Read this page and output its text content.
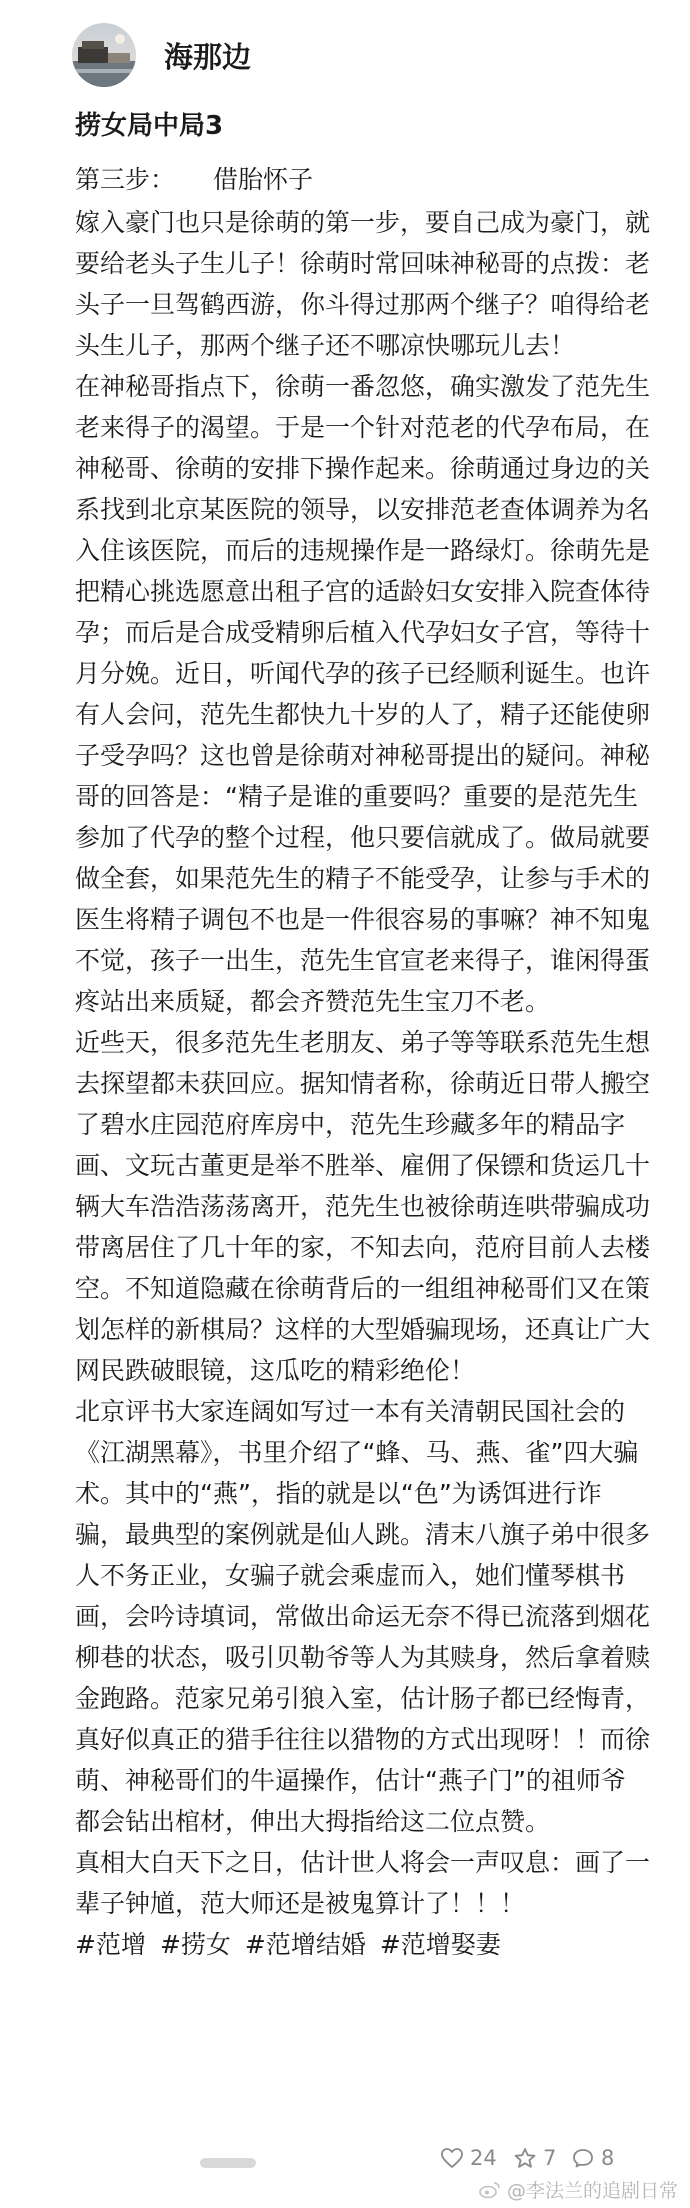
海那边
捞女局中局3

第三步： 借胎怀子

嫁入豪门也只是徐萌的第一步，要自己成为豪门，就要给老头子生儿子！徐萌时常回味神秘哥的点拨：老头子一旦驾鹤西游，你斗得过那两个继子？咱得给老头生儿子，那两个继子还不哪凉快哪玩儿去！

在神秘哥指点下，徐萌一番忽悠，确实激发了范先生老来得子的渴望。于是一个针对范老的代孕布局，在神秘哥、徐萌的安排下操作起来。徐萌通过身边的关系找到北京某医院的领导，以安排范老查体调养为名入住该医院，而后的违规操作是一路绿灯。徐萌先是把精心挑选愿意出租子宫的适龄妇女安排入院查体待孕；而后是合成受精卵后植入代孕妇女子宫，等待十月分娩。近日，听闻代孕的孩子已经顺利诞生。也许有人会问，范先生都快九十岁的人了，精子还能使卵子受孕吗？这也曾是徐萌对神秘哥提出的疑问。神秘哥的回答是：“精子是谁的重要吗？重要的是范先生参加了代孕的整个过程，他只要信就成了。做局就要做全套，如果范先生的精子不能受孕，让参与手术的医生将精子调包不也是一件很容易的事嘛？神不知鬼不觉，孩子一出生，范先生官宣老来得子，谁闲得蛋疼站出来质疑，都会齐赞范先生宝刀不老。

近些天，很多范先生老朋友、弟子等等联系范先生想去探望都未获回应。据知情者称，徐萌近日带人搬空了碧水庄园范府库房中，范先生珍藏多年的精品字画、文玩古董更是举不胜举、雇佣了保镖和货运几十辆大车浩浩荡荡离开，范先生也被徐萌连哄带骗成功带离居住了几十年的家，不知去向，范府目前人去楼空。不知道隐藏在徐萌背后的一组组神秘哥们又在策划怎样的新棋局？这样的大型婚骗现场，还真让广大网民跌破眼镜，这瓜吃的精彩绝伦！

北京评书大家连阔如写过一本有关清朝民国社会的《江湖黑幕》，书里介绍了“蜂、马、燕、雀”四大骗术。其中的“燕”，指的就是以“色”为诱饵进行诈骗，最典型的案例就是仙人跳。清末八旗子弟中很多人不务正业，女骗子就会乘虚而入，她们懂琴棋书画，会吟诗填词，常做出命运无奈不得已流落到烟花柳巷的状态，吸引贝勒爷等人为其赎身，然后拿着赎金跑路。范家兄弟引狼入室，估计肠子都已经悔青，真好似真正的猎手往往以猎物的方式出现呀！！而徐萌、神秘哥们的牛逼操作，估计“燕子门”的祖师爷都会钻出棺材，伸出大拇指给这二位点赞。

真相大白天下之日，估计世人将会一声叹息：画了一辈子钟馗，范大师还是被鬼算计了！！！

#范增 #捞女 #范增结婚 #范增娶妻
24 7 8
@李法兰的追剧日常
